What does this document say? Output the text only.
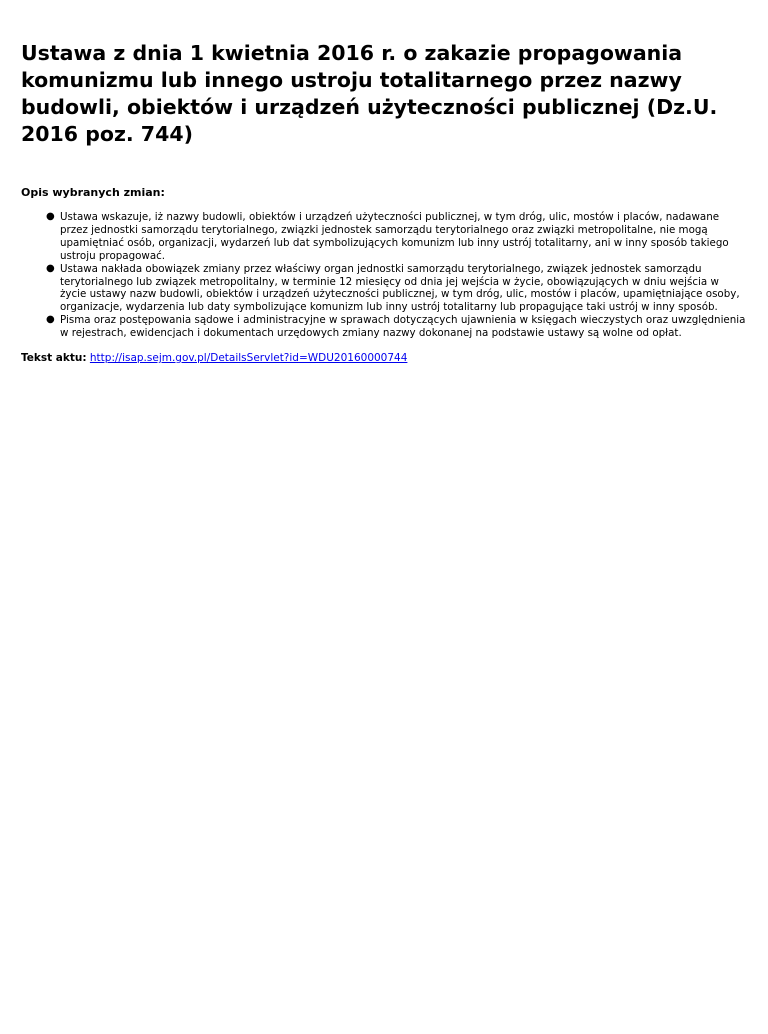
Ustawa z dnia 1 kwietnia 2016 r. o zakazie propagowania komunizmu lub innego ustroju totalitarnego przez nazwy budowli, obiektów i urządzeń użyteczności publicznej (Dz.U. 2016 poz. 744)
Opis wybranych zmian:
● Ustawa wskazuje, iż nazwy budowli, obiektów i urządzeń użyteczności publicznej, w tym dróg, ulic, mostów i placów, nadawane przez jednostki samorządu terytorialnego, związki jednostek samorządu terytorialnego oraz związki metropolitalne, nie mogą upamiętniać osób, organizacji, wydarzeń lub dat symbolizujących komunizm lub inny ustrój totalitarny, ani w inny sposób takiego ustroju propagować.
● Ustawa nakłada obowiązek zmiany przez właściwy organ jednostki samorządu terytorialnego, związek jednostek samorządu terytorialnego lub związek metropolitalny, w terminie 12 miesięcy od dnia jej wejścia w życie, obowiązujących w dniu wejścia w życie ustawy nazw budowli, obiektów i urządzeń użyteczności publicznej, w tym dróg, ulic, mostów i placów, upamiętniające osoby, organizacje, wydarzenia lub daty symbolizujące komunizm lub inny ustrój totalitarny lub propagujące taki ustrój w inny sposób.
● Pisma oraz postępowania sądowe i administracyjne w sprawach dotyczących ujawnienia w księgach wieczystych oraz uwzględnienia w rejestrach, ewidencjach i dokumentach urzędowych zmiany nazwy dokonanej na podstawie ustawy są wolne od opłat.
Tekst aktu: http://isap.sejm.gov.pl/DetailsServlet?id=WDU20160000744
